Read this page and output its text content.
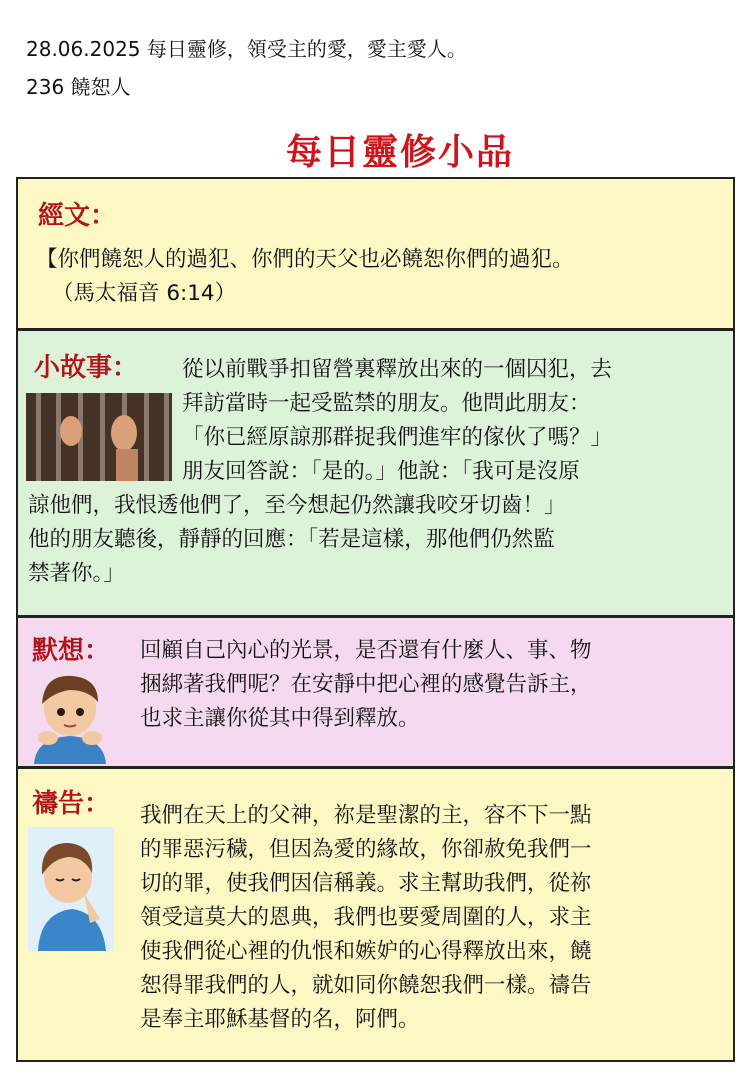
28.06.2025 每日靈修，領受主的愛，愛主愛人。
236 饒恕人
每日靈修小品
經文：
【你們饒恕人的過犯、你們的天父也必饒恕你們的過犯。
（馬太福音 6:14）
小故事： 從以前戰爭扣留營裏釋放出來的一個囚犯，去
拜訪當時一起受監禁的朋友。他問此朋友：
「你已經原諒那群捉我們進牢的傢伙了嗎？」
朋友回答說：「是的。」他說：「我可是沒原
諒他們，我恨透他們了，至今想起仍然讓我咬牙切齒！」
他的朋友聽後，靜靜的回應：「若是這樣，那他們仍然監
禁著你。」
默想： 回顧自己內心的光景，是否還有什麼人、事、物
捆綁著我們呢？在安靜中把心裡的感覺告訴主，
也求主讓你從其中得到釋放。
禱告： 我們在天上的父神，祢是聖潔的主，容不下一點
的罪惡污穢，但因為愛的緣故，你卻赦免我們一
切的罪，使我們因信稱義。求主幫助我們，從祢
領受這莫大的恩典，我們也要愛周圍的人，求主
使我們從心裡的仇恨和嫉妒的心得釋放出來，饒
恕得罪我們的人，就如同你饒恕我們一樣。禱告
是奉主耶穌基督的名，阿們。
